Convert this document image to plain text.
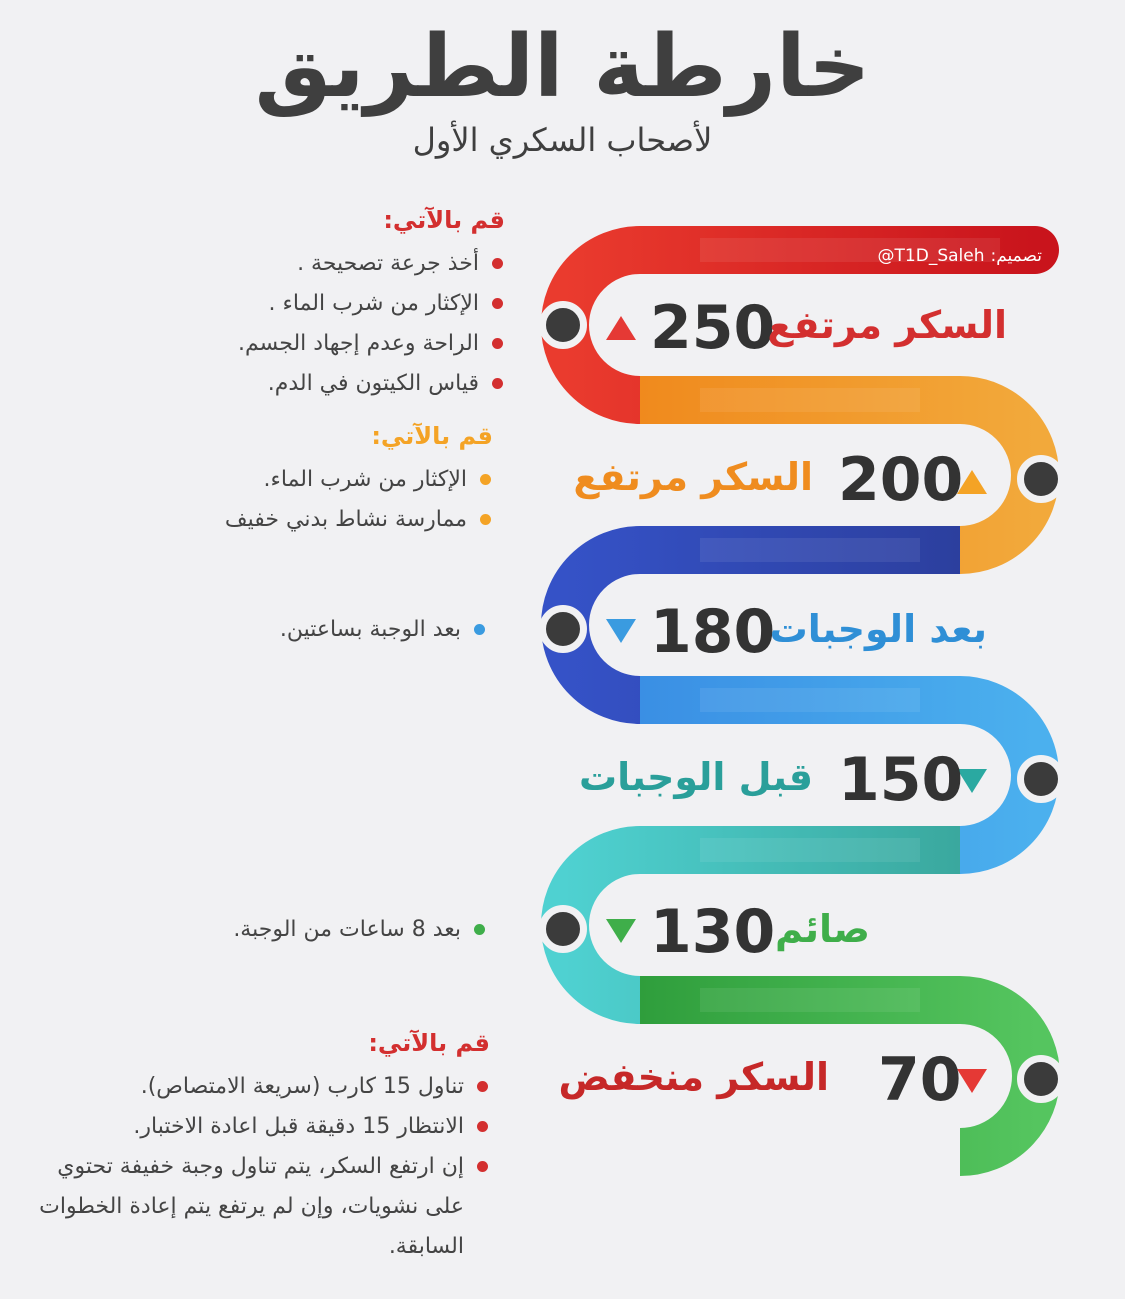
خارطة الطريق
لأصحاب السكري الأول
تصميم:@T1D_Saleh
250
السكر مرتفع
200
السكر مرتفع
180
بعد الوجبات
150
قبل الوجبات
130 صائم
70
السكر منخفض
قم بالآتي:
أخذ جرعة تصحيحة .
الإكثار من شرب الماء .
الراحة وعدم إجهاد الجسم.
قياس الكيتون في الدم.
قم بالآتي:
الإكثار من شرب الماء.
ممارسة نشاط بدني خفيف
بعد الوجبة بساعتين.
بعد 8 ساعات من الوجبة.
قم بالآتي:
تناول 15 كارب (سريعة الامتصاص).
الانتظار 15 دقيقة قبل اعادة الاختبار.
إن ارتفع السكر، يتم تناول وجبة خفيفة تحتوي على نشويات، وإن لم يرتفع يتم إعادة الخطوات السابقة.
